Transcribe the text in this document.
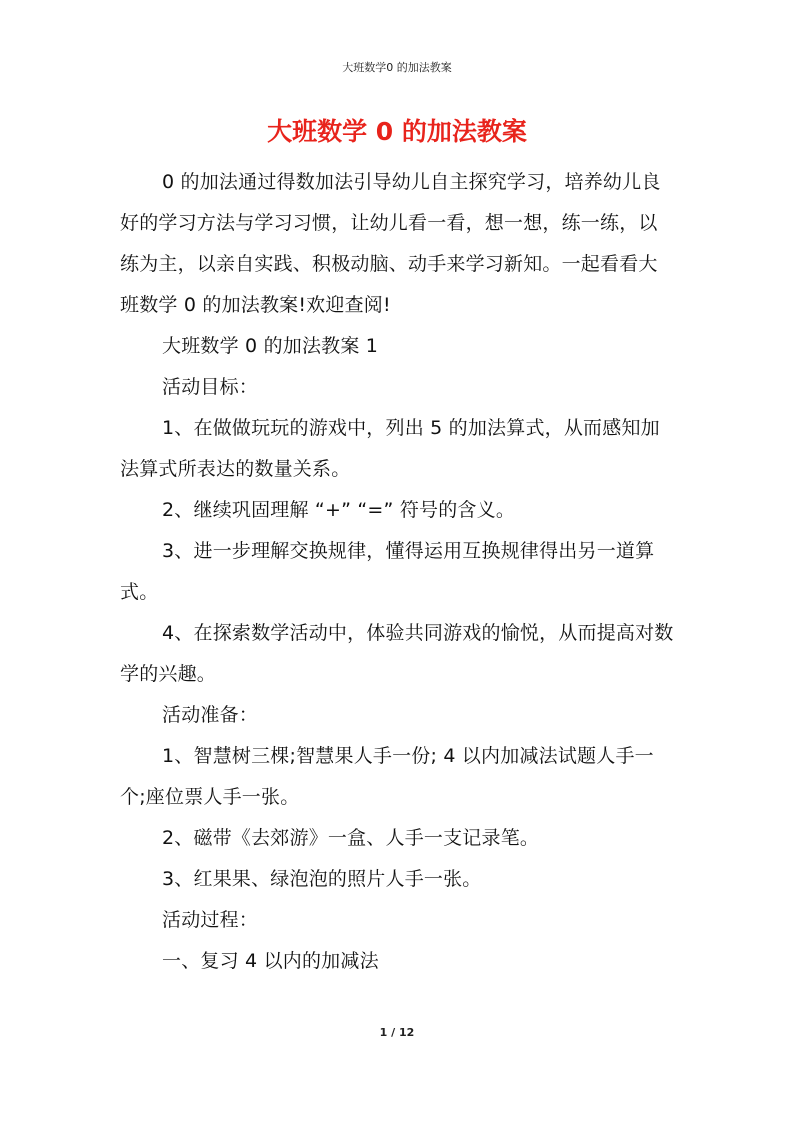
大班数学0 的加法教案
大班数学 0 的加法教案

0 的加法通过得数加法引导幼儿自主探究学习，培养幼儿良好的学习方法与学习习惯，让幼儿看一看，想一想，练一练，以练为主，以亲自实践、积极动脑、动手来学习新知。一起看看大班数学 0 的加法教案!欢迎查阅!

大班数学 0 的加法教案 1

活动目标：

1、在做做玩玩的游戏中，列出 5 的加法算式，从而感知加法算式所表达的数量关系。

2、继续巩固理解 “+” “=” 符号的含义。

3、进一步理解交换规律，懂得运用互换规律得出另一道算式。

4、在探索数学活动中，体验共同游戏的愉悦，从而提高对数学的兴趣。

活动准备：

1、智慧树三棵;智慧果人手一份; 4 以内加减法试题人手一个;座位票人手一张。

2、磁带《去郊游》一盒、人手一支记录笔。

3、红果果、绿泡泡的照片人手一张。

活动过程：

一、复习 4 以内的加减法

1 / 12
